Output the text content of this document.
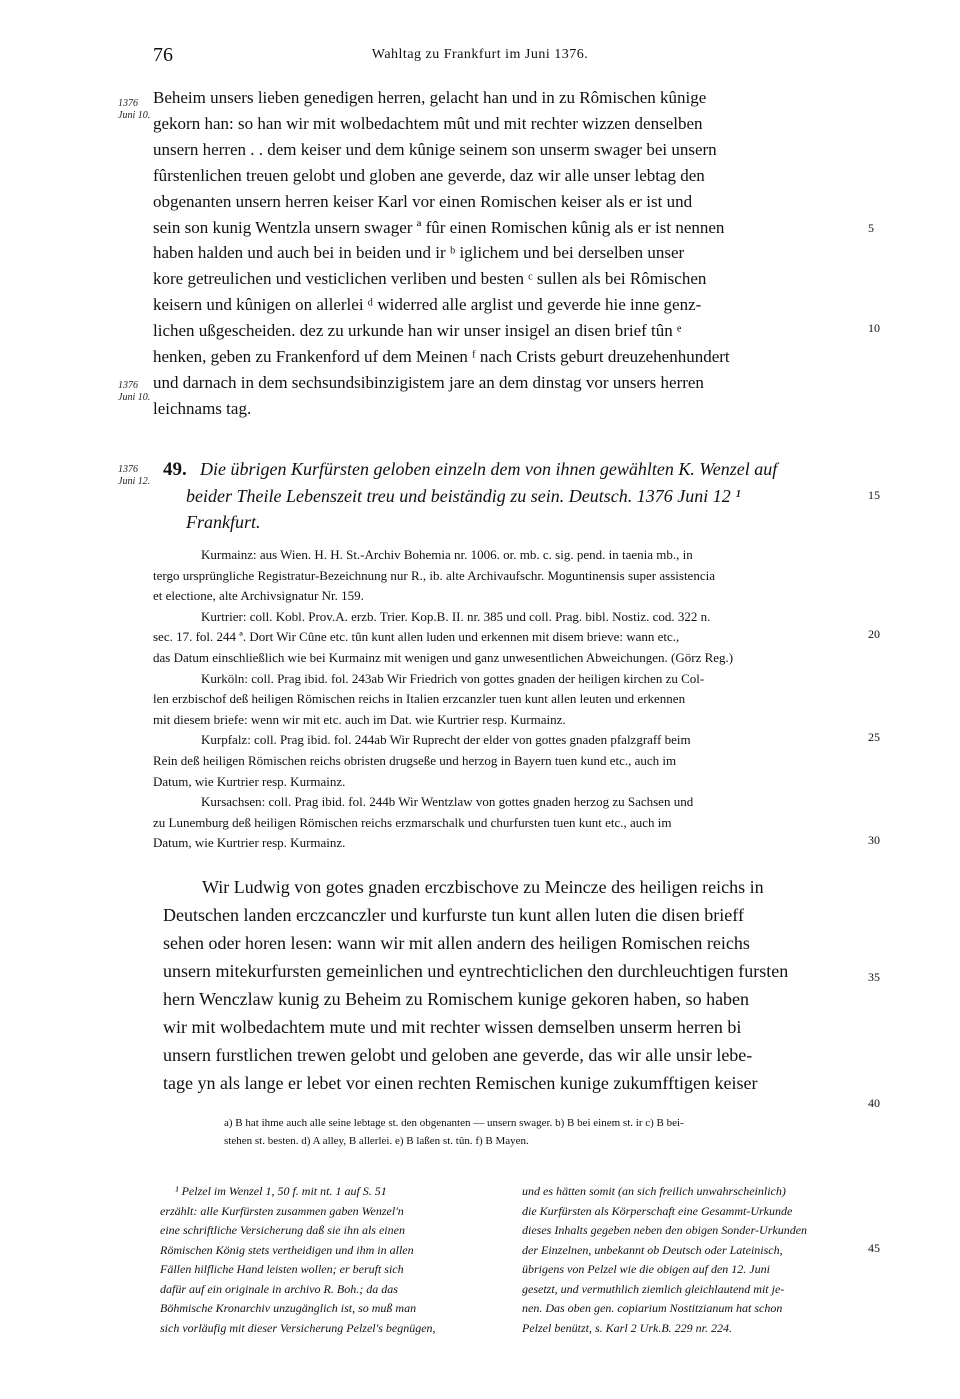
76	Wahltag zu Frankfurt im Juni 1376.
1376
Juni 10.
1376
Juni 10.
1376
Juni 12.
Beheim unsers lieben genedigen herren, gelacht han und in zu Rômischen kûnige
gekorn han: so han wir mit wolbedachtem mût und mit rechter wizzen denselben
unsern herren . . dem keiser und dem kûnige seinem son unserm swager bei unsern
fûrstenlichen treuen gelobt und globen ane geverde, daz wir alle unser lebtag den
obgenanten unsern herren keiser Karl vor einen Romischen keiser als er ist und
sein son kunig Wentzla unsern swager ª fûr einen Romischen kûnig als er ist nennen
haben halden und auch bei in beiden und ir ᵇ iglichem und bei derselben unser
kore getreulichen und vesticlichen verliben und besten ᶜ sullen als bei Rômischen
keisern und kûnigen on allerlei ᵈ widerred alle arglist und geverde hie inne genz-
lichen ußgescheiden. dez zu urkunde han wir unser insigel an disen brief tûn ᵉ
henken, geben zu Frankenford uf dem Meinen ᶠ nach Crists geburt dreuzehenhundert
und darnach in dem sechsundsibinzigistem jare an dem dinstag vor unsers herren
leichnams tag.
5
10
15
20
25
30
35
40
45
49. Die übrigen Kurfürsten geloben einzeln dem von ihnen gewählten K. Wenzel auf
beider Theile Lebenszeit treu und beiständig zu sein. Deutsch. 1376 Juni 12 ¹
Frankfurt.
Kurmainz: aus Wien. H. H. St.-Archiv Bohemia nr. 1006. or. mb. c. sig. pend. in taenia mb., in
tergo ursprüngliche Registratur-Bezeichnung nur R., ib. alte Archivaufschr. Moguntinensis super assistencia
et electione, alte Archivsignatur Nr. 159.
Kurtrier: coll. Kobl. Prov.A. erzb. Trier. Kop.B. II. nr. 385 und coll. Prag. bibl. Nostiz. cod. 322 n.
sec. 17. fol. 244 ª. Dort Wir Cûne etc. tûn kunt allen luden und erkennen mit disem brieve: wann etc.,
das Datum einschließlich wie bei Kurmainz mit wenigen und ganz unwesentlichen Abweichungen. (Görz Reg.)
Kurköln: coll. Prag ibid. fol. 243ab Wir Friedrich von gottes gnaden der heiligen kirchen zu Col-
len erzbischof deß heiligen Römischen reichs in Italien erzcanzler tuen kunt allen leuten und erkennen
mit diesem briefe: wenn wir mit etc. auch im Dat. wie Kurtrier resp. Kurmainz.
Kurpfalz: coll. Prag ibid. fol. 244ab Wir Ruprecht der elder von gottes gnaden pfalzgraff beim
Rein deß heiligen Römischen reichs obristen drugseße und herzog in Bayern tuen kund etc., auch im
Datum, wie Kurtrier resp. Kurmainz.
Kursachsen: coll. Prag ibid. fol. 244b Wir Wentzlaw von gottes gnaden herzog zu Sachsen und
zu Lunemburg deß heiligen Römischen reichs erzmarschalk und churfursten tuen kunt etc., auch im
Datum, wie Kurtrier resp. Kurmainz.
Wir Ludwig von gotes gnaden erczbischove zu Meincze des heiligen reichs in
Deutschen landen erczcanczler und kurfurste tun kunt allen luten die disen brieff
sehen oder horen lesen: wann wir mit allen andern des heiligen Romischen reichs
unsern mitekurfursten gemeinlichen und eyntrechticlichen den durchleuchtigen fursten
hern Wenczlaw kunig zu Beheim zu Romischem kunige gekoren haben, so haben
wir mit wolbedachtem mute und mit rechter wissen demselben unserm herren bi
unsern furstlichen trewen gelobt und geloben ane geverde, das wir alle unsir lebe-
tage yn als lange er lebet vor einen rechten Remischen kunige zukumfftigen keiser
a) B hat ihme auch alle seine lebtage st. den obgenanten — unsern swager. b) B bei einem st. ir c) B bei-
stehen st. besten. d) A alley, B allerlei. e) B laßen st. tûn. f) B Mayen.
¹ Pelzel im Wenzel 1, 50 f. mit nt. 1 auf S. 51
erzählt: alle Kurfürsten zusammen gaben Wenzel'n
eine schriftliche Versicherung daß sie ihn als einen
Römischen König stets vertheidigen und ihm in allen
Fällen hilfliche Hand leisten wollen; er beruft sich
dafür auf ein originale in archivo R. Boh.; da das
Böhmische Kronarchiv unzugänglich ist, so muß man
sich vorläufig mit dieser Versicherung Pelzel's begnügen,
und es hätten somit (an sich freilich unwahrscheinlich)
die Kurfürsten als Körperschaft eine Gesammt-Urkunde
dieses Inhalts gegeben neben den obigen Sonder-Urkunden
der Einzelnen, unbekannt ob Deutsch oder Lateinisch,
übrigens von Pelzel wie die obigen auf den 12. Juni
gesetzt, und vermuthlich ziemlich gleichlautend mit je-
nen. Das oben gen. copiarium Nostitzianum hat schon
Pelzel benützt, s. Karl 2 Urk.B. 229 nr. 224.
